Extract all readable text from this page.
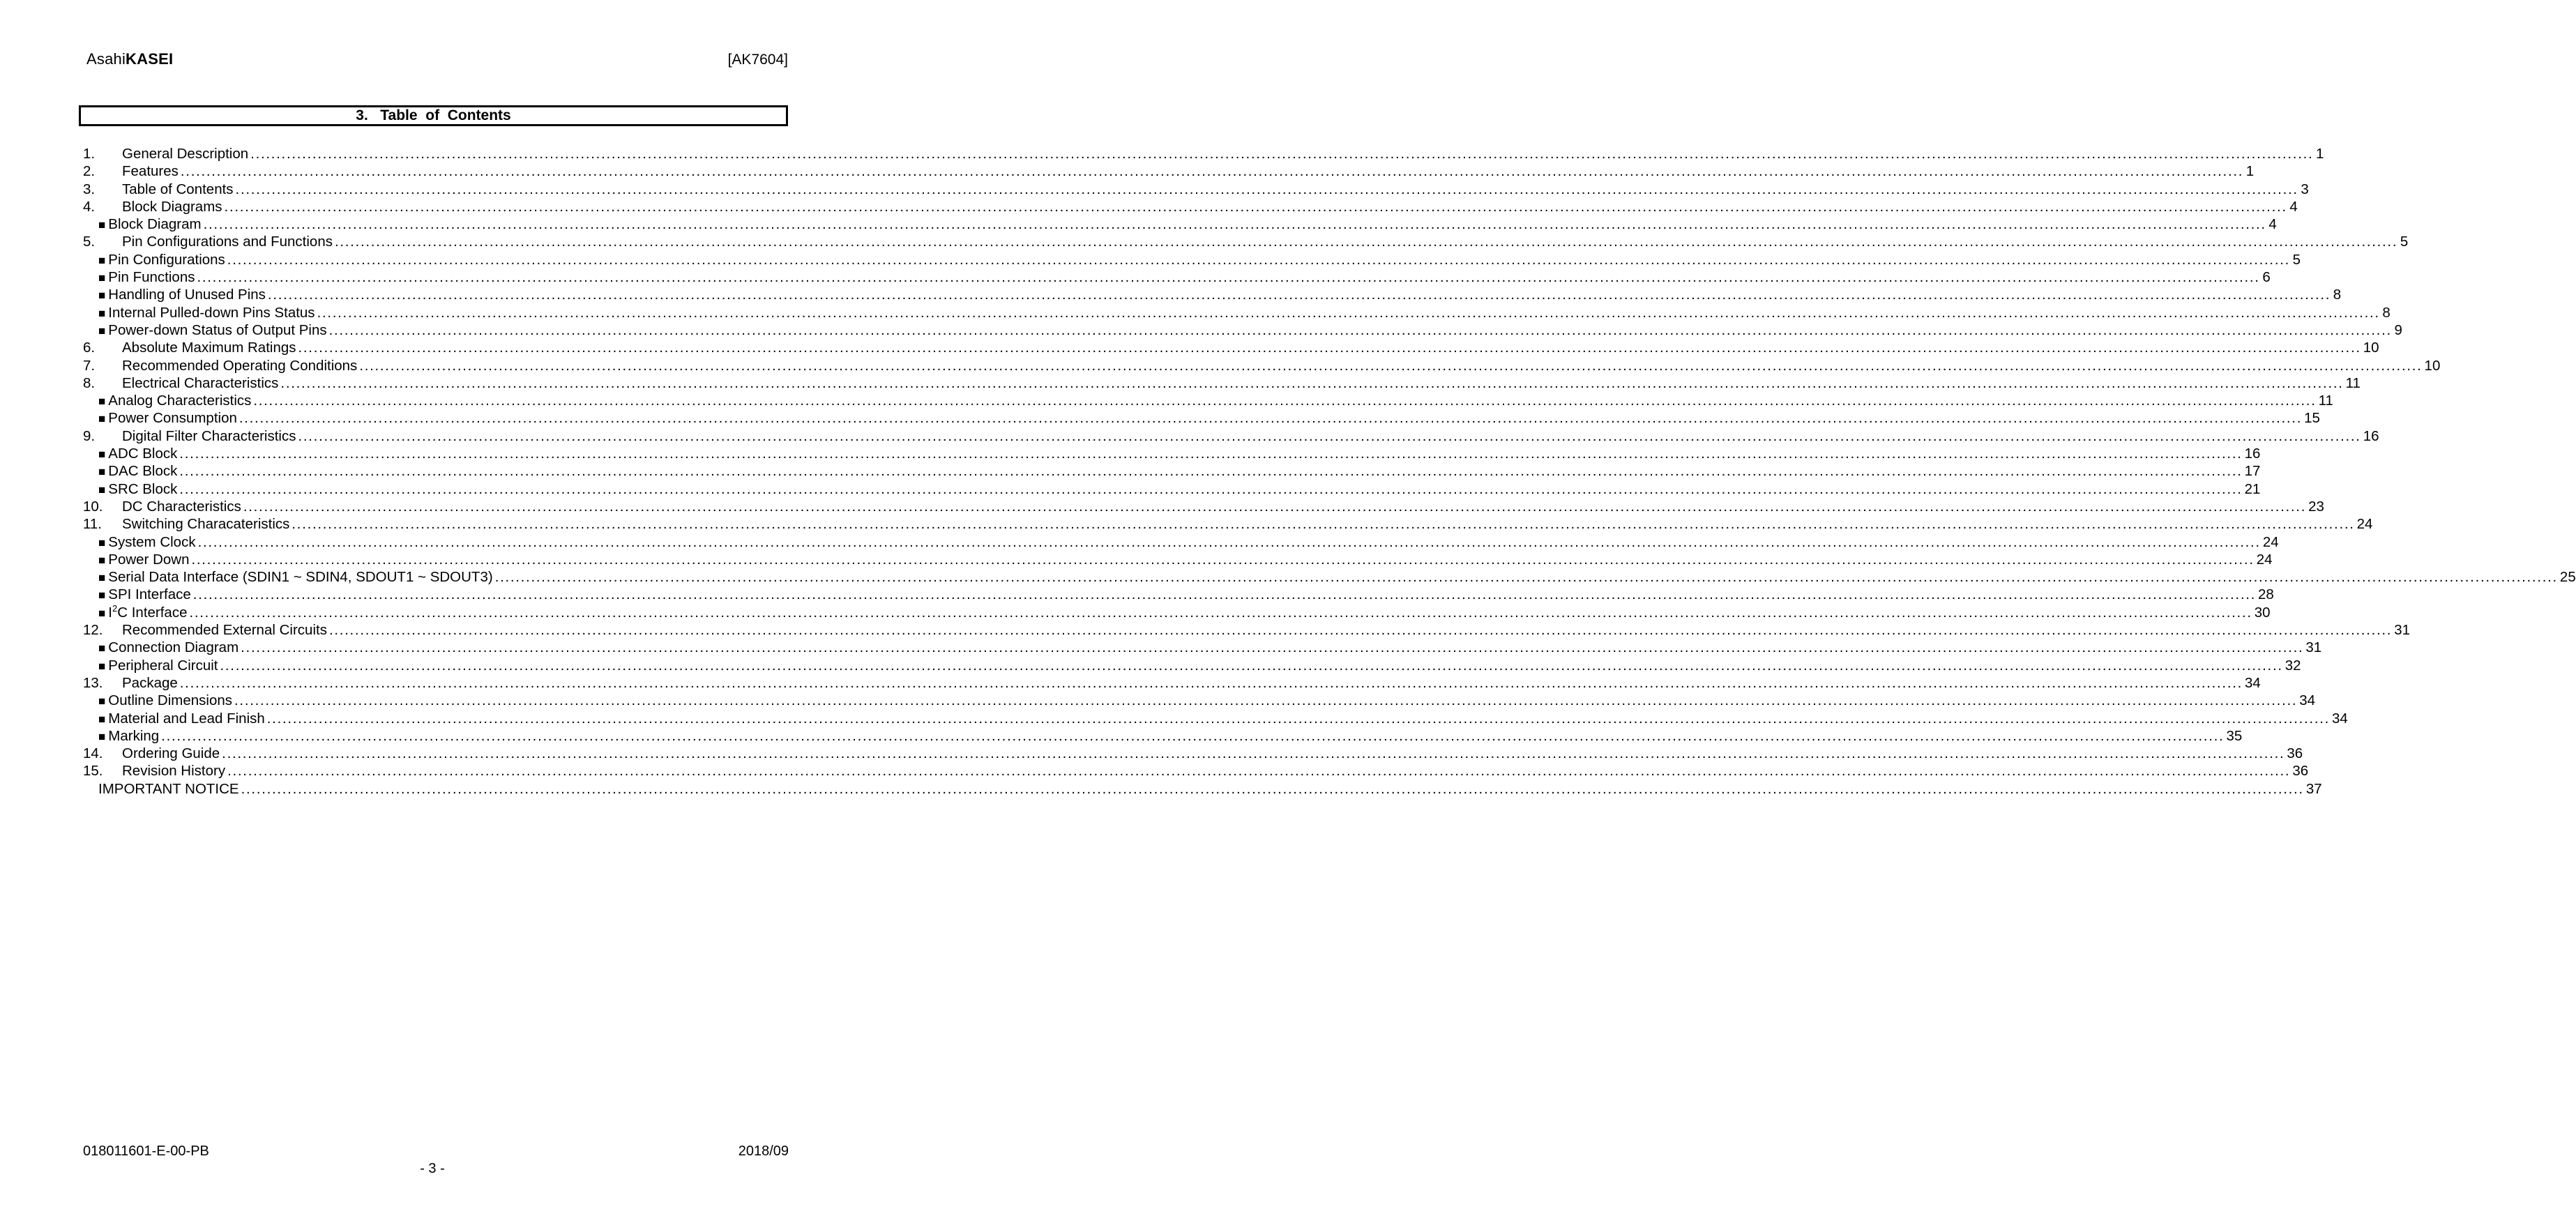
AsahiKASEI	[AK7604]
3.   Table  of  Contents
1.	General Description ................................................................................................................................................................................................................................................................................................................................................................................................................ 1
2.	Features ................................................................................................................................................................................................................................................................................................................................................................................................................ 1
3.	Table of Contents ................................................................................................................................................................................................................................................................................................................................................................................................................ 3
4.	Block Diagrams ................................................................................................................................................................................................................................................................................................................................................................................................................ 4
■ Block Diagram ................................................................................................................................................................................................................................................................................................................................................................................................................ 4
5.	Pin Configurations and Functions ................................................................................................................................................................................................................................................................................................................................................................................................................ 5
■ Pin Configurations ................................................................................................................................................................................................................................................................................................................................................................................................................ 5
■ Pin Functions ................................................................................................................................................................................................................................................................................................................................................................................................................ 6
■ Handling of Unused Pins ................................................................................................................................................................................................................................................................................................................................................................................................................ 8
■ Internal Pulled-down Pins Status ................................................................................................................................................................................................................................................................................................................................................................................................................ 8
■ Power-down Status of Output Pins ................................................................................................................................................................................................................................................................................................................................................................................................................ 9
6.	Absolute Maximum Ratings ................................................................................................................................................................................................................................................................................................................................................................................................................ 10
7.	Recommended Operating Conditions ................................................................................................................................................................................................................................................................................................................................................................................................................ 10
8.	Electrical Characteristics ................................................................................................................................................................................................................................................................................................................................................................................................................ 11
■ Analog Characteristics ................................................................................................................................................................................................................................................................................................................................................................................................................ 11
■ Power Consumption ................................................................................................................................................................................................................................................................................................................................................................................................................ 15
9.	Digital Filter Characteristics ................................................................................................................................................................................................................................................................................................................................................................................................................ 16
■ ADC Block ................................................................................................................................................................................................................................................................................................................................................................................................................ 16
■ DAC Block ................................................................................................................................................................................................................................................................................................................................................................................................................ 17
■ SRC Block ................................................................................................................................................................................................................................................................................................................................................................................................................ 21
10.	DC Characteristics ................................................................................................................................................................................................................................................................................................................................................................................................................ 23
11.	Switching Characateristics ................................................................................................................................................................................................................................................................................................................................................................................................................ 24
■ System Clock ................................................................................................................................................................................................................................................................................................................................................................................................................ 24
■ Power Down ................................................................................................................................................................................................................................................................................................................................................................................................................ 24
■ Serial Data Interface (SDIN1 ~ SDIN4, SDOUT1 ~ SDOUT3) ................................................................................................................................................................................................................................................................................................................................................................................................................ 25
■ SPI Interface ................................................................................................................................................................................................................................................................................................................................................................................................................ 28
■ $I^2C$ Interface ................................................................................................................................................................................................................................................................................................................................................................................................................ 30
12.	Recommended External Circuits ................................................................................................................................................................................................................................................................................................................................................................................................................ 31
■ Connection Diagram ................................................................................................................................................................................................................................................................................................................................................................................................................ 31
■ Peripheral Circuit ................................................................................................................................................................................................................................................................................................................................................................................................................ 32
13.	Package ................................................................................................................................................................................................................................................................................................................................................................................................................ 34
■ Outline Dimensions ................................................................................................................................................................................................................................................................................................................................................................................................................ 34
■ Material and Lead Finish ................................................................................................................................................................................................................................................................................................................................................................................................................ 34
■ Marking ................................................................................................................................................................................................................................................................................................................................................................................................................ 35
14.	Ordering Guide ................................................................................................................................................................................................................................................................................................................................................................................................................ 36
15.	Revision History ................................................................................................................................................................................................................................................................................................................................................................................................................ 36
IMPORTANT NOTICE ................................................................................................................................................................................................................................................................................................................................................................................................................ 37
018011601-E-00-PB	2018/09
- 3 -
